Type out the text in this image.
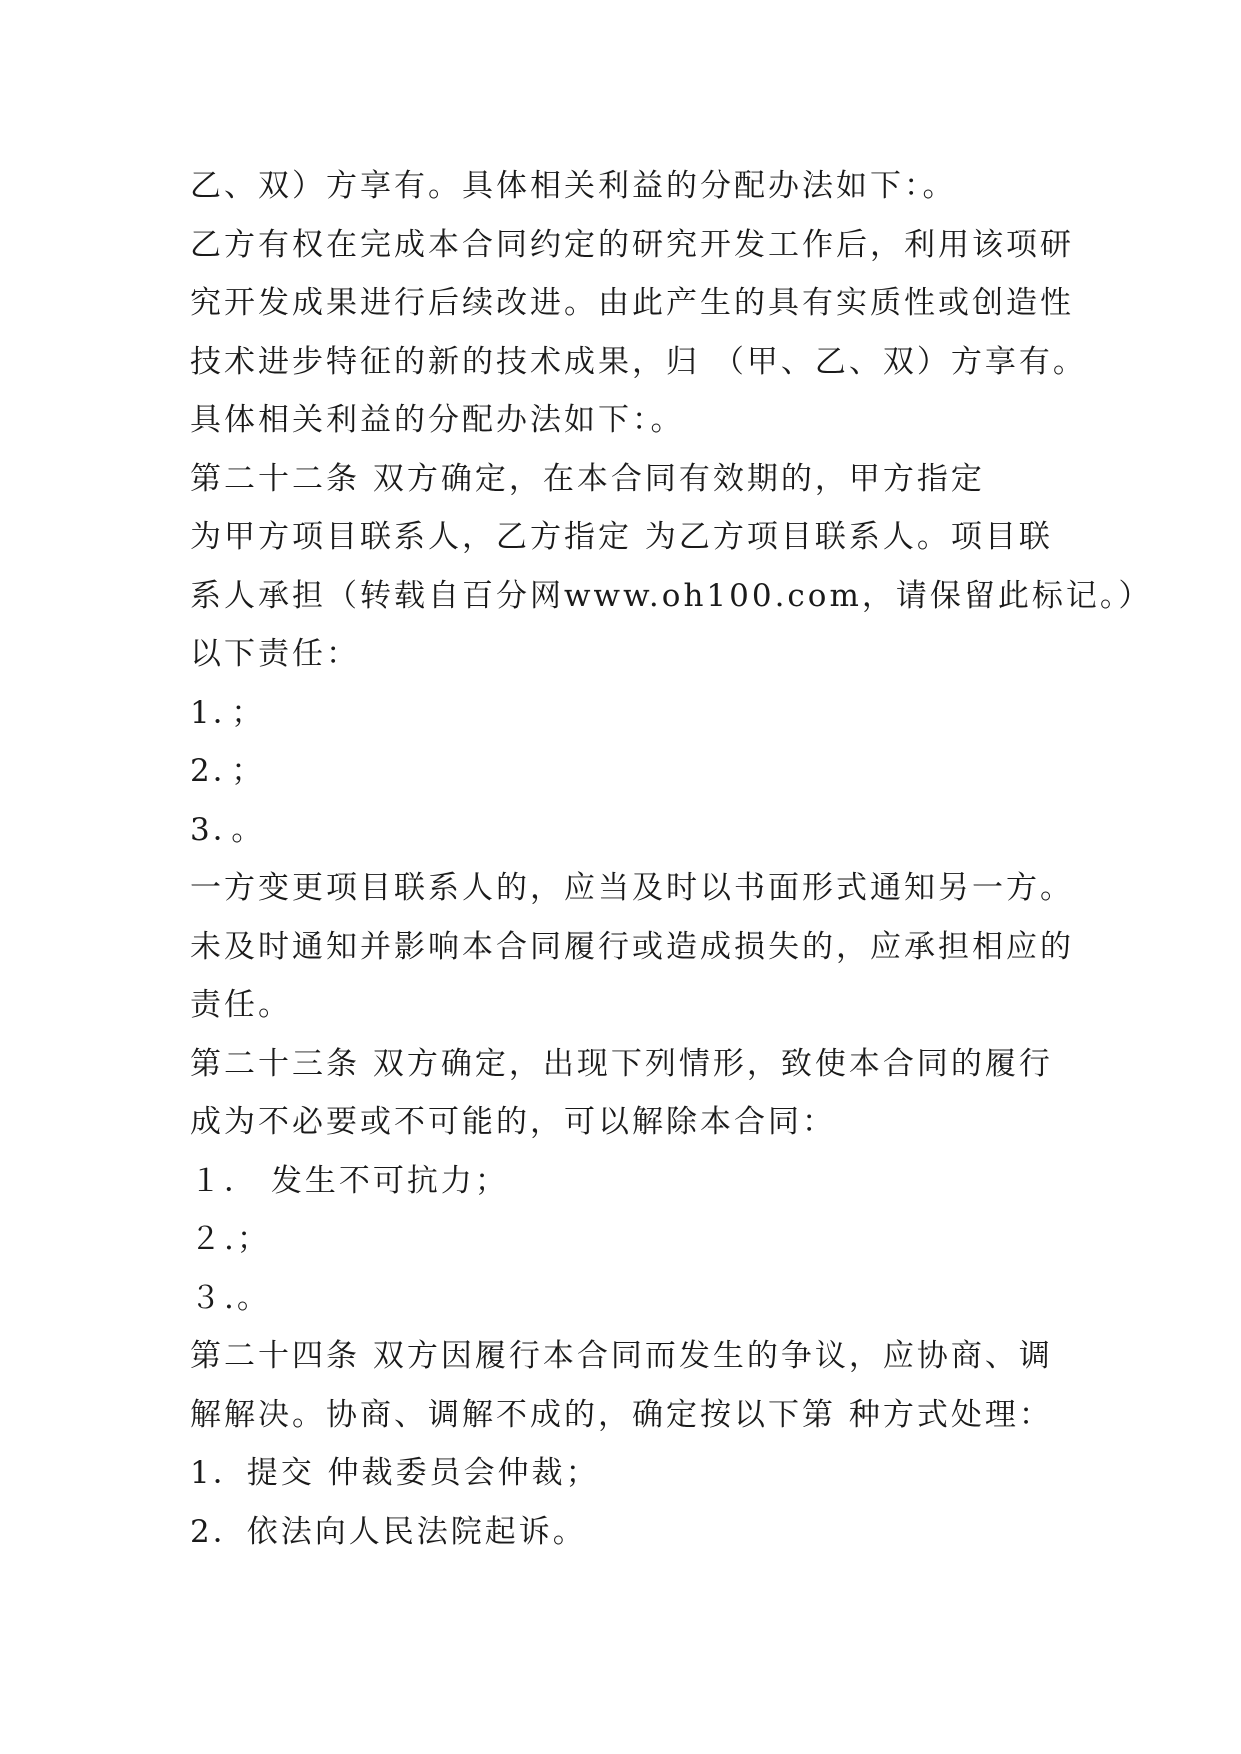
乙、双）方享有。具体相关利益的分配办法如下：。

乙方有权在完成本合同约定的研究开发工作后，利用该项研

究开发成果进行后续改进。由此产生的具有实质性或创造性

技术进步特征的新的技术成果，归 （甲、乙、双）方享有。

具体相关利益的分配办法如下：。

第二十二条 双方确定，在本合同有效期的，甲方指定

为甲方项目联系人，乙方指定 为乙方项目联系人。项目联

系人承担（转载自百分网www.oh100.com，请保留此标记。）

以下责任：

1．；

2．；

3．。

一方变更项目联系人的，应当及时以书面形式通知另一方。

未及时通知并影响本合同履行或造成损失的，应承担相应的

责任。

第二十三条 双方确定，出现下列情形，致使本合同的履行

成为不必要或不可能的，可以解除本合同：

１． 发生不可抗力；

２.；

３.。

第二十四条 双方因履行本合同而发生的争议，应协商、调

解解决。协商、调解不成的，确定按以下第 种方式处理：

1．提交 仲裁委员会仲裁；

2．依法向人民法院起诉。
